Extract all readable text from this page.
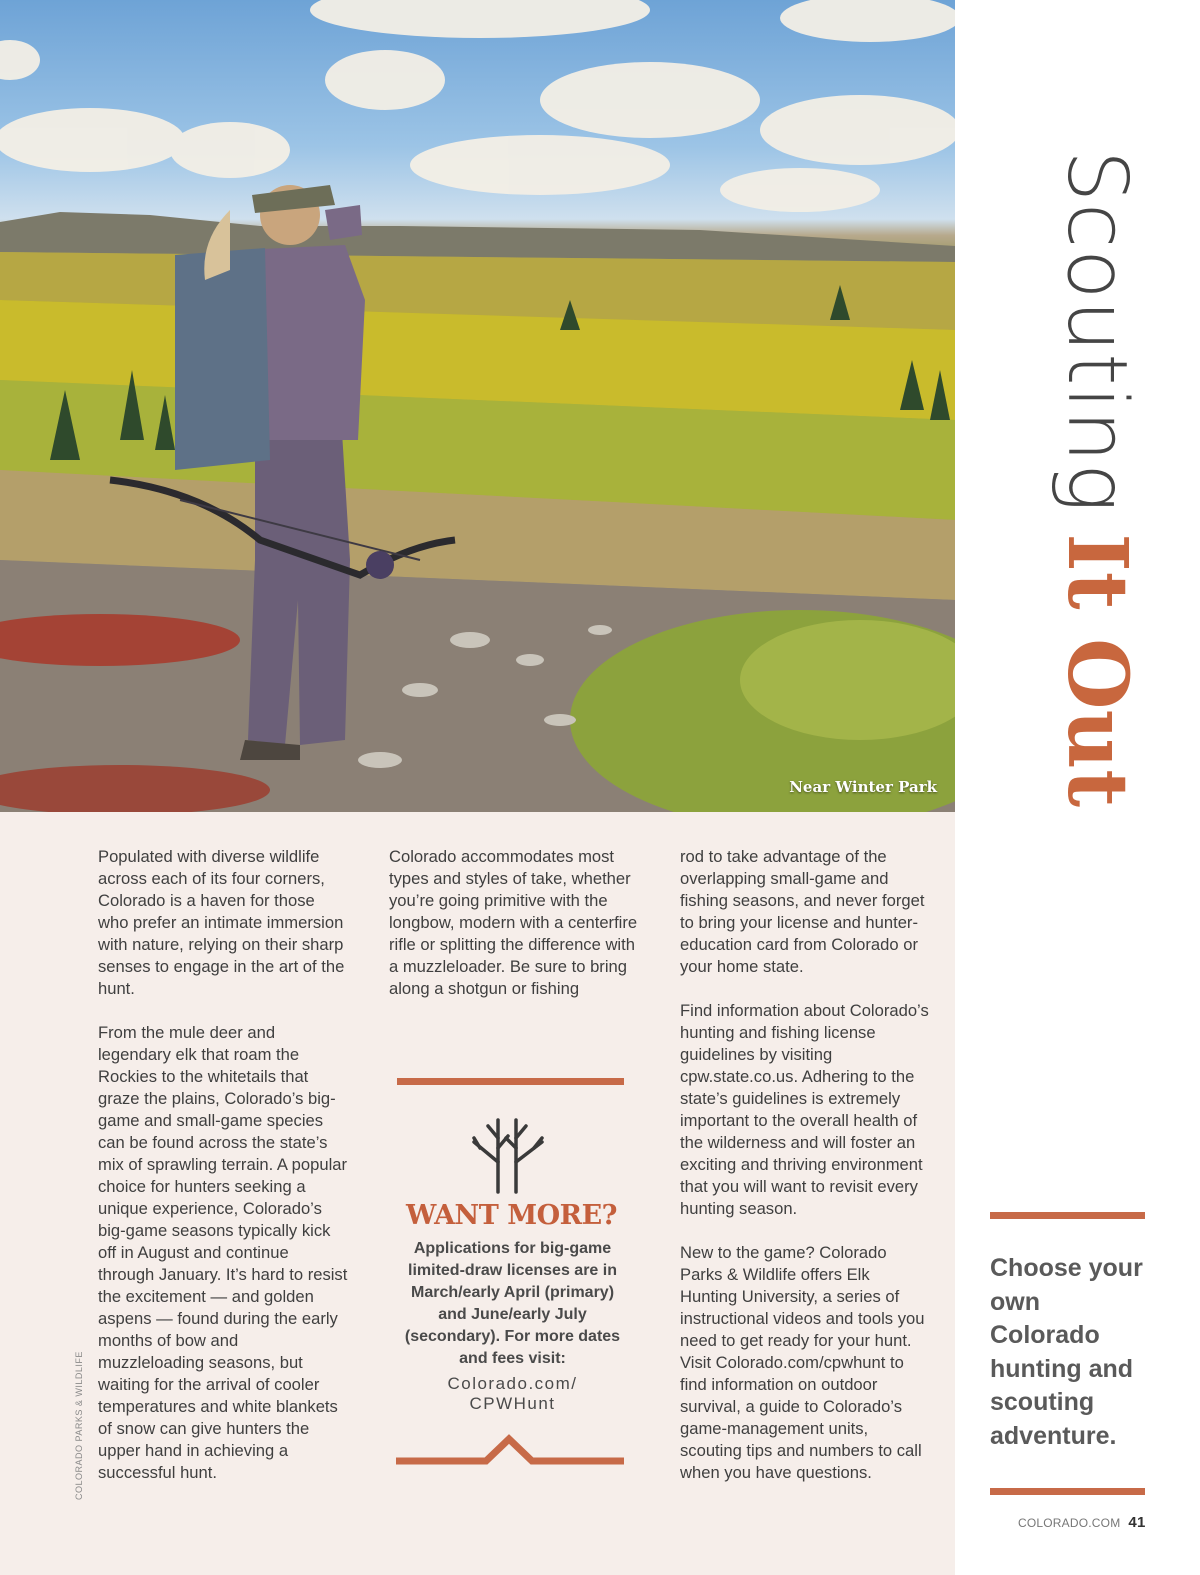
Near Winter Park

Populated with diverse wildlife across each of its four corners, Colorado is a haven for those who prefer an intimate immersion with nature, relying on their sharp senses to engage in the art of the hunt.

From the mule deer and legendary elk that roam the Rockies to the whitetails that graze the plains, Colorado’s big-game and small-game species can be found across the state’s mix of sprawling terrain. A popular choice for hunters seeking a unique experience, Colorado’s big-game seasons typically kick off in August and continue through January. It’s hard to resist the excitement — and golden aspens — found during the early months of bow and muzzleloading seasons, but waiting for the arrival of cooler temperatures and white blankets of snow can give hunters the upper hand in achieving a successful hunt.

Colorado accommodates most types and styles of take, whether you’re going primitive with the longbow, modern with a centerfire rifle or splitting the difference with a muzzleloader. Be sure to bring along a shotgun or fishing

rod to take advantage of the overlapping small-game and fishing seasons, and never forget to bring your license and hunter-education card from Colorado or your home state.

Find information about Colorado’s hunting and fishing license guidelines by visiting cpw.state.co.us. Adhering to the state’s guidelines is extremely important to the overall health of the wilderness and will foster an exciting and thriving environment that you will want to revisit every hunting season.

New to the game? Colorado Parks & Wildlife offers Elk Hunting University, a series of instructional videos and tools you need to get ready for your hunt. Visit Colorado.com/cpwhunt to find information on outdoor survival, a guide to Colorado’s game-management units, scouting tips and numbers to call when you have questions.

COLORADO PARKS & WILDLIFE
WANT MORE?
Applications for big-game limited-draw licenses are in March/early April (primary) and June/early July (secondary). For more dates and fees visit:
Colorado.com/
CPWHunt
ScoutingIt Out
Choose your own Colorado hunting and scouting adventure.
COLORADO.COM 41
